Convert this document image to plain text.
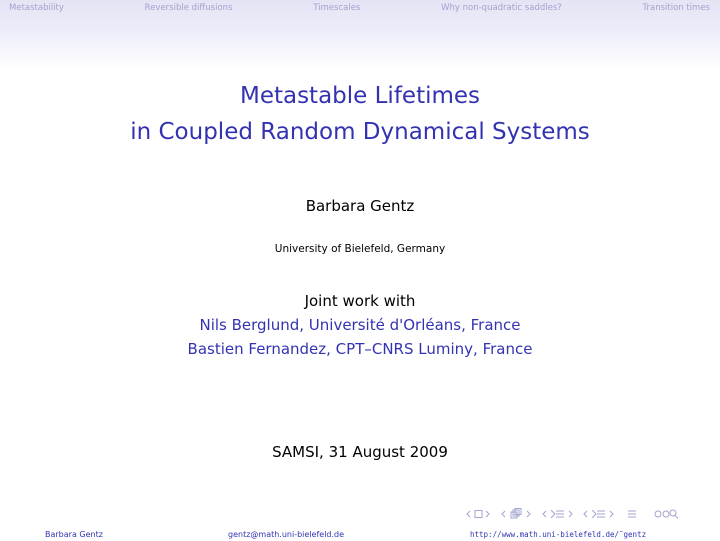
Metastability	Reversible diffusions	Timescales	Why non-quadratic saddles?	Transition times
Metastable Lifetimes
in Coupled Random Dynamical Systems
Barbara Gentz
University of Bielefeld, Germany
Joint work with
Nils Berglund, Université d'Orléans, France
Bastien Fernandez, CPT–CNRS Luminy, France
SAMSI, 31 August 2009
Barbara Gentz	gentz@math.uni-bielefeld.de	http://www.math.uni-bielefeld.de/˜gentz
